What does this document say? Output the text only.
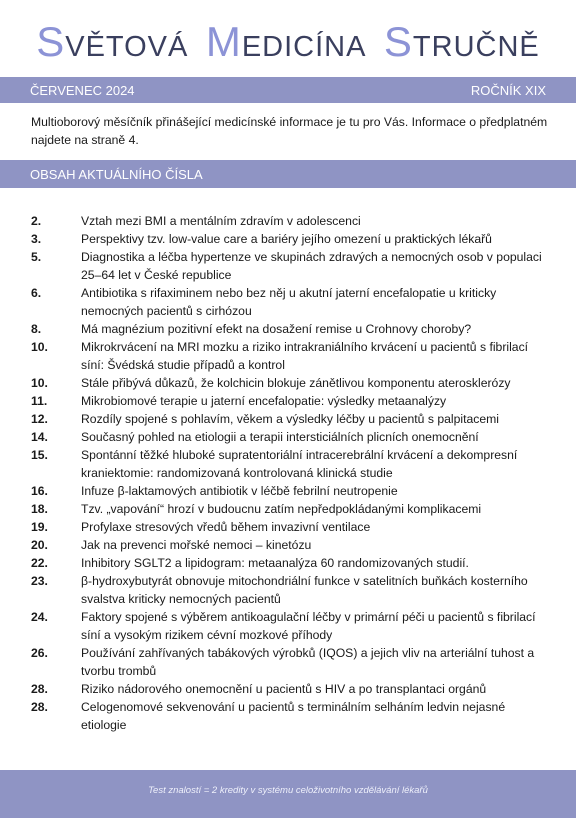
SVĚTOVÁ MEDICÍNA STRUČNĚ
ČERVENEC 2024	ROČNÍK XIX
Multioborový měsíčník přinášející medicínské informace je tu pro Vás. Informace o předplatném najdete na straně 4.
OBSAH AKTUÁLNÍHO ČÍSLA
2.	Vztah mezi BMI a mentálním zdravím v adolescenci
3.	Perspektivy tzv. low-value care a bariéry jejího omezení u praktických lékařů
5.	Diagnostika a léčba hypertenze ve skupinách zdravých a nemocných osob v populaci 25–64 let v České republice
6.	Antibiotika s rifaximinem nebo bez něj u akutní jaterní encefalopatie u kriticky nemocných pacientů s cirhózou
8.	Má magnézium pozitivní efekt na dosažení remise u Crohnovy choroby?
10.	Mikrokrvácení na MRI mozku a riziko intrakraniálního krvácení u pacientů s fibrilací síní: Švédská studie případů a kontrol
10.	Stále přibývá důkazů, že kolchicin blokuje zánětlivou komponentu aterosklerózy
11.	Mikrobiomové terapie u jaterní encefalopatie: výsledky metaanalýzy
12.	Rozdíly spojené s pohlavím, věkem a výsledky léčby u pacientů s palpitacemi
14.	Současný pohled na etiologii a terapii intersticiálních plicních onemocnění
15.	Spontánní těžké hluboké supratentoriální intracerebrální krvácení a dekompresní kraniektomie: randomizovaná kontrolovaná klinická studie
16.	Infuze β-laktamových antibiotik v léčbě febrilní neutropenie
18.	Tzv. „vapování“ hrozí v budoucnu zatím nepředpokládanými komplikacemi
19.	Profylaxe stresových vředů během invazivní ventilace
20.	Jak na prevenci mořské nemoci – kinetózu
22.	Inhibitory SGLT2 a lipidogram: metaanalýza 60 randomizovaných studií.
23.	β-hydroxybutyrát obnovuje mitochondriální funkce v satelitních buňkách kosterního svalstva kriticky nemocných pacientů
24.	Faktory spojené s výběrem antikoagulační léčby v primární péči u pacientů s fibrilací síní a vysokým rizikem cévní mozkové příhody
26.	Používání zahřívaných tabákových výrobků (IQOS) a jejich vliv na arteriální tuhost a tvorbu trombů
28.	Riziko nádorového onemocnění u pacientů s HIV a po transplantaci orgánů
28.	Celogenomové sekvenování u pacientů s terminálním selháním ledvin nejasné etiologie
Test znalostí = 2 kredity v systému celoživotního vzdělávání lékařů
